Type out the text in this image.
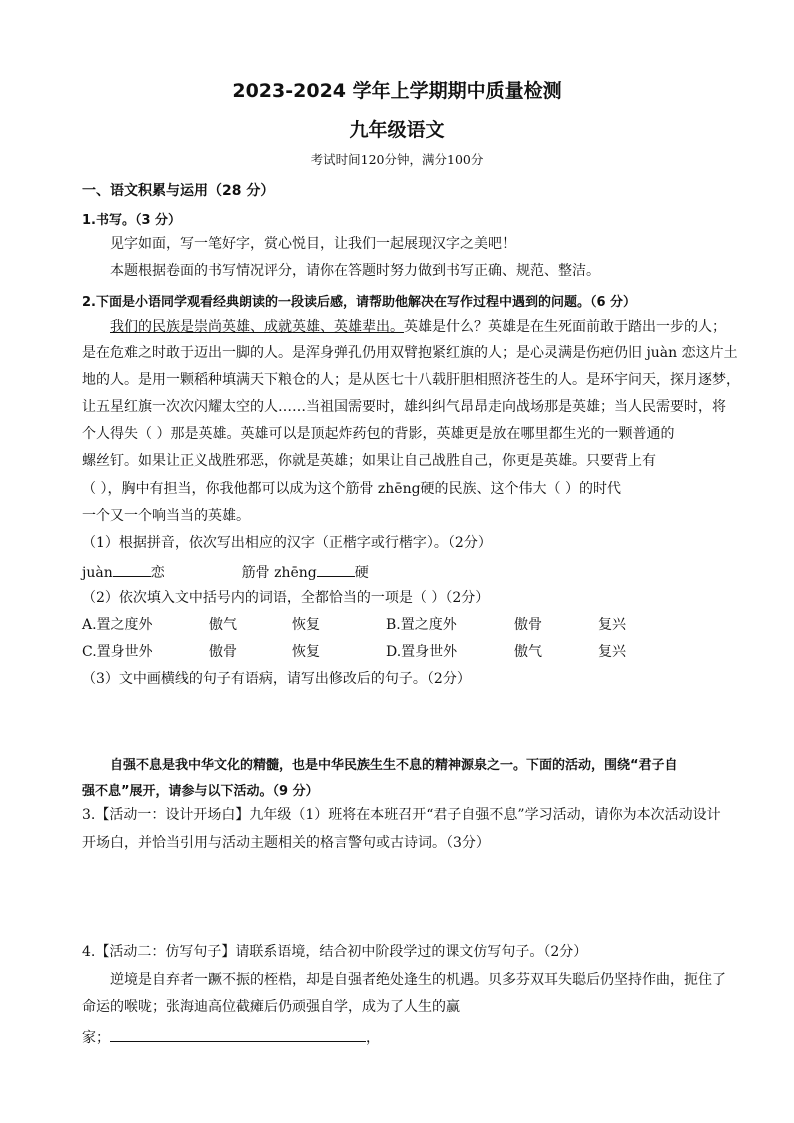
2023-2024 学年上学期期中质量检测
九年级语文
考试时间120分钟，满分100分
一、语文积累与运用（28 分）
1.书写。（3 分）
见字如面，写一笔好字，赏心悦目，让我们一起展现汉字之美吧！
本题根据卷面的书写情况评分，请你在答题时努力做到书写正确、规范、整洁。
2.下面是小语同学观看经典朗读的一段读后感，请帮助他解决在写作过程中遇到的问题。（6 分）
我们的民族是崇尚英雄、成就英雄、英雄辈出。英雄是什么？英雄是在生死面前敢于踏出一步的人；
是在危难之时敢于迈出一脚的人。是浑身弹孔仍用双臂抱紧红旗的人；是心灵满是伤疤仍旧 juàn 恋这片土
地的人。是用一颗稻种填满天下粮仓的人；是从医七十八载肝胆相照济苍生的人。是环宇问天，探月逐梦，
让五星红旗一次次闪耀太空的人……当祖国需要时，雄纠纠气昂昂走向战场那是英雄；当人民需要时，将
个人得失（ ）那是英雄。英雄可以是顶起炸药包的背影，英雄更是放在哪里都生光的一颗普通的
螺丝钉。如果让正义战胜邪恶，你就是英雄；如果让自己战胜自己，你更是英雄。只要背上有
（ ），胸中有担当，你我他都可以成为这个筋骨 zhēng硬的民族、这个伟大（ ）的时代
一个又一个响当当的英雄。
（1）根据拼音，依次写出相应的汉字（正楷字或行楷字）。（2分）
juàn	恋	筋骨 zhēng	硬
（2）依次填入文中括号内的词语，全都恰当的一项是（ ）（2分）
A.置之度外	傲气	恢复	B.置之度外	傲骨	复兴
C.置身世外	傲骨	恢复	D.置身世外	傲气	复兴
（3）文中画横线的句子有语病，请写出修改后的句子。（2分）
自强不息是我中华文化的精髓，也是中华民族生生不息的精神源泉之一。下面的活动，围绕“君子自
强不息”展开，请参与以下活动。（9 分）
3.【活动一：设计开场白】九年级（1）班将在本班召开“君子自强不息”学习活动，请你为本次活动设计
开场白，并恰当引用与活动主题相关的格言警句或古诗词。（3分）
4.【活动二：仿写句子】请联系语境，结合初中阶段学过的课文仿写句子。（2分）
逆境是自弃者一蹶不振的桎梏，却是自强者绝处逢生的机遇。贝多芬双耳失聪后仍坚持作曲，扼住了
命运的喉咙；张海迪高位截瘫后仍顽强自学，成为了人生的赢
家；	，
